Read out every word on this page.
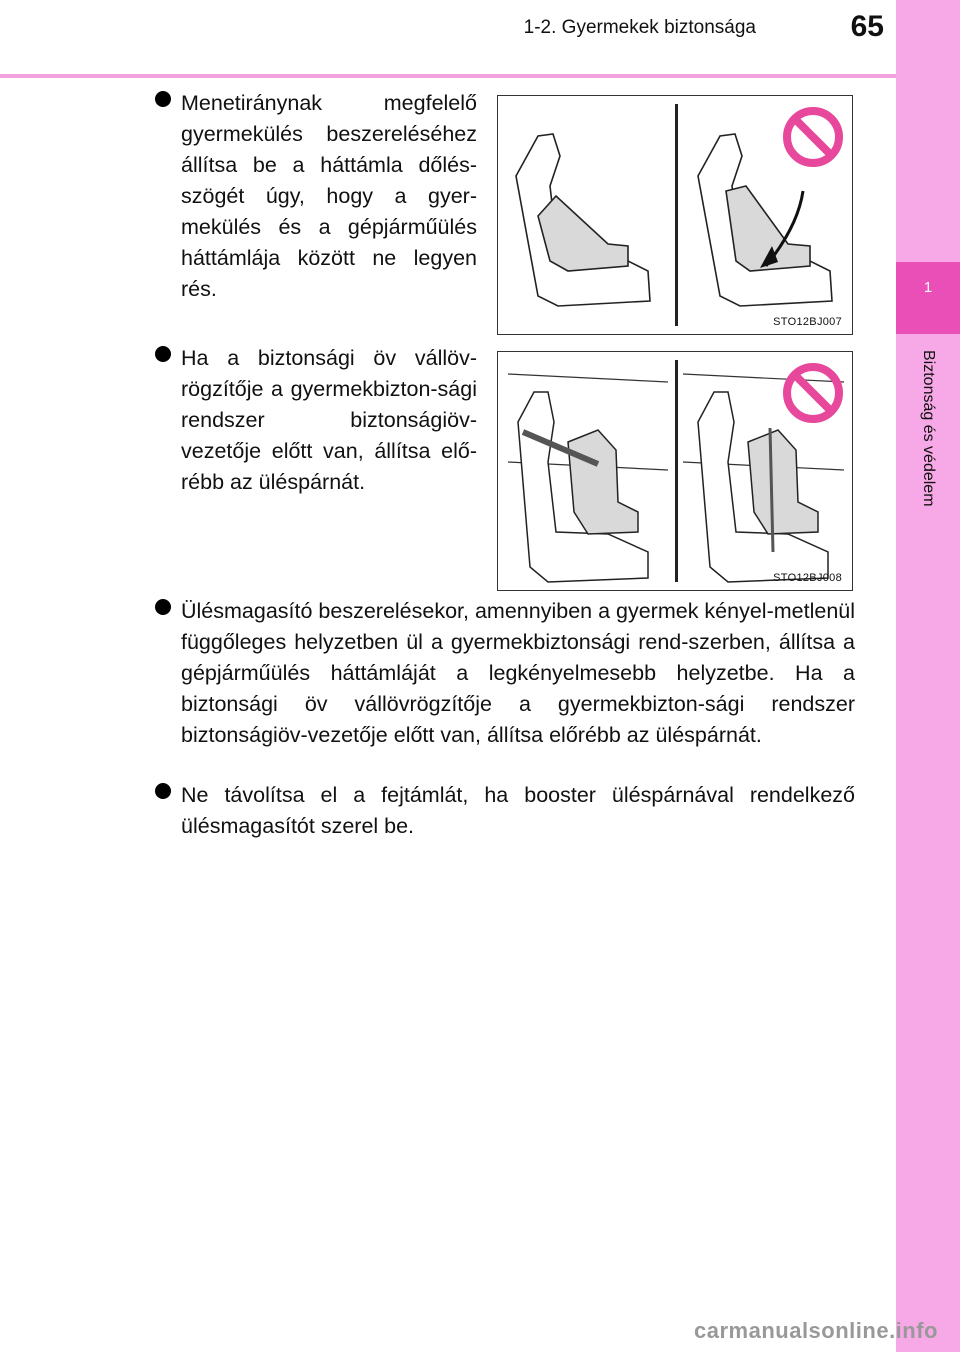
1-2. Gyermekek biztonsága	65
1
Biztonság és védelem
Menetiránynak megfelelő gyermekülés beszereléséhez állítsa be a háttámla dőlés-szögét úgy, hogy a gyer-mekülés és a gépjárműülés háttámlája között ne legyen rés.
STO12BJ007
Ha a biztonsági öv vállöv-rögzítője a gyermekbizton-sági rendszer biztonságiöv-vezetője előtt van, állítsa elő-rébb az üléspárnát.
STO12BJ008
Ülésmagasító beszerelésekor, amennyiben a gyermek kényel-metlenül függőleges helyzetben ül a gyermekbiztonsági rend-szerben, állítsa a gépjárműülés háttámláját a legkényelmesebb helyzetbe. Ha a biztonsági öv vállövrögzítője a gyermekbizton-sági rendszer biztonságiöv-vezetője előtt van, állítsa előrébb az üléspárnát.
Ne távolítsa el a fejtámlát, ha booster üléspárnával rendelkező ülésmagasítót szerel be.
carmanualsonline.info
